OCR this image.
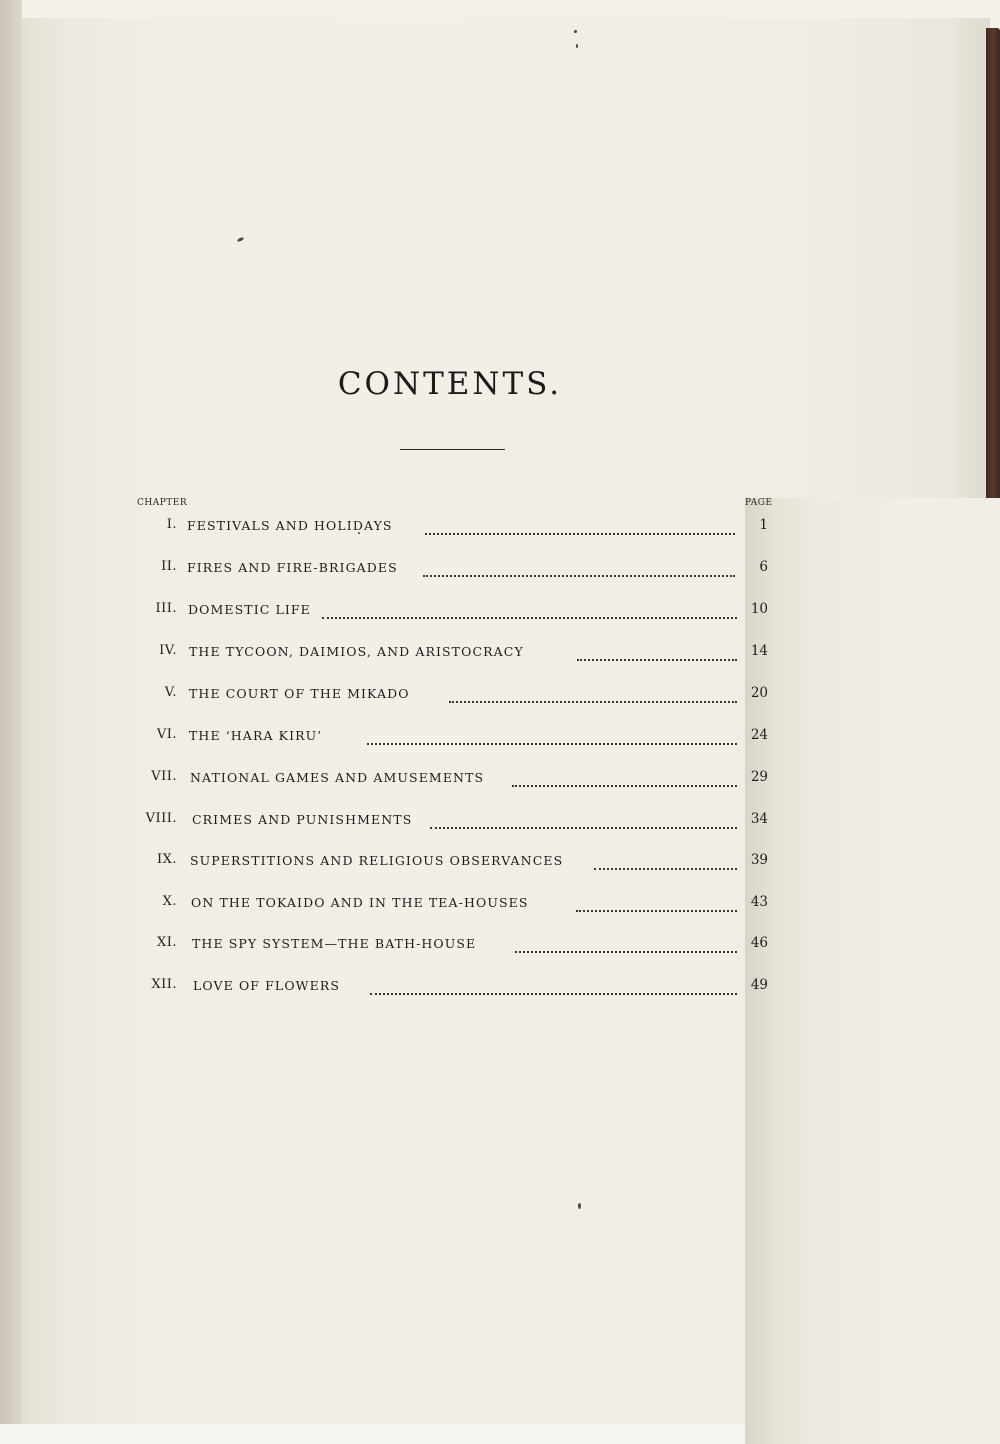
CONTENTS.
CHAPTER	PAGE
I. FESTIVALS AND HOLIDAYS	1
II. FIRES AND FIRE-BRIGADES	6
III. DOMESTIC LIFE	10
IV. THE TYCOON, DAIMIOS, AND ARISTOCRACY	14
V. THE COURT OF THE MIKADO	20
VI. THE ‘HARA KIRU’	24
VII. NATIONAL GAMES AND AMUSEMENTS	29
VIII. CRIMES AND PUNISHMENTS	34
IX. SUPERSTITIONS AND RELIGIOUS OBSERVANCES	39
X. ON THE TOKAIDO AND IN THE TEA-HOUSES	43
XI. THE SPY SYSTEM—THE BATH-HOUSE	46
XII. LOVE OF FLOWERS	49
